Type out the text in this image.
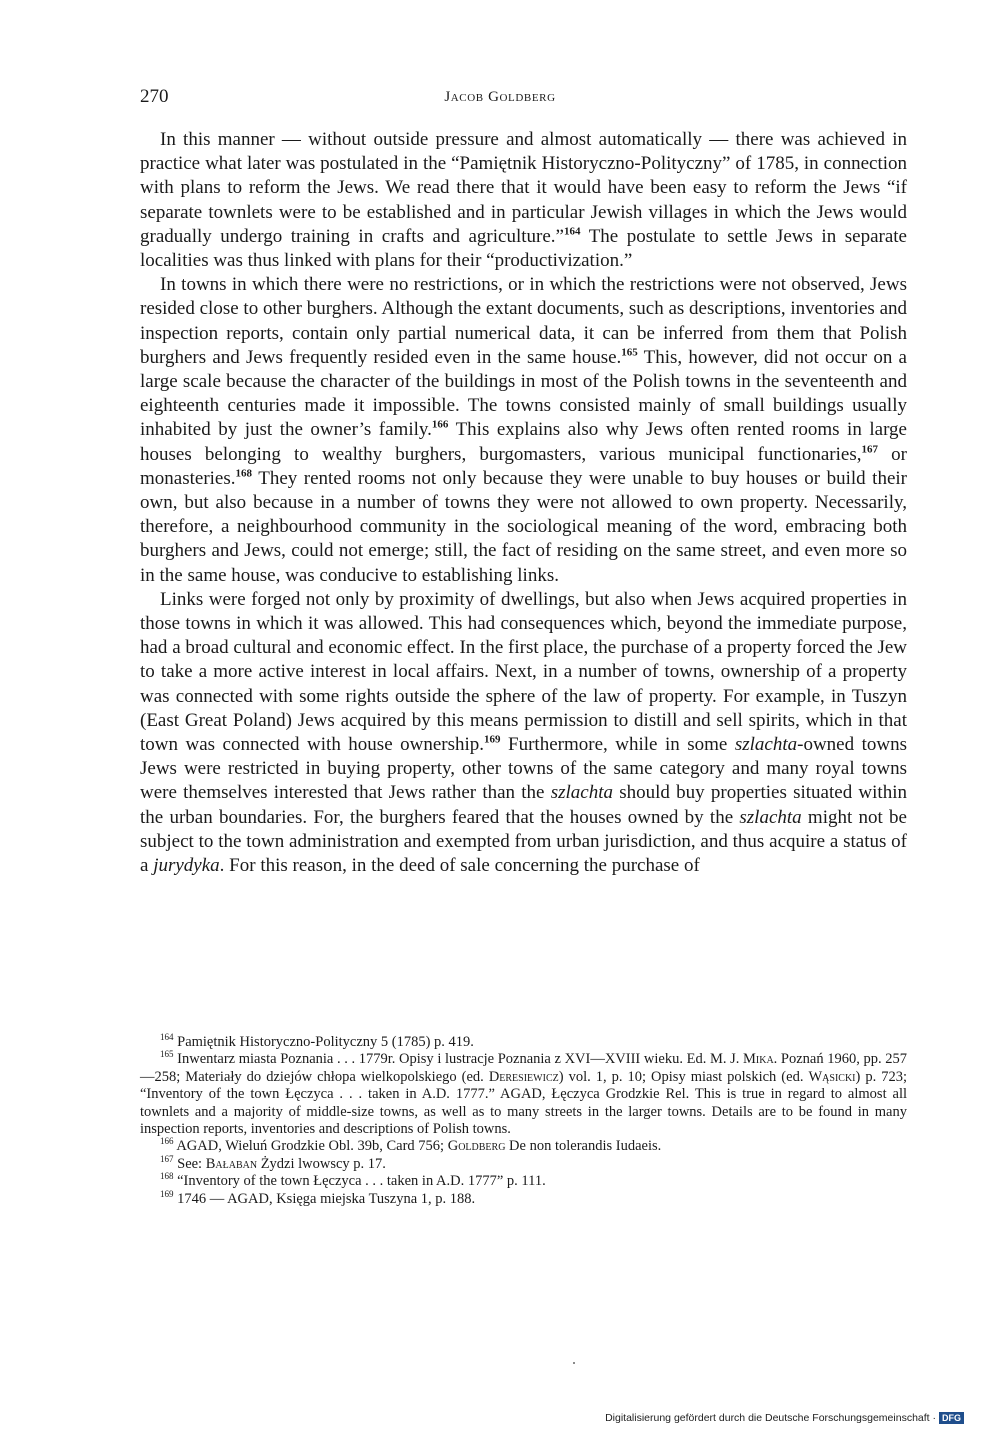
270	Jacob Goldberg

In this manner — without outside pressure and almost automatically — there was achieved in practice what later was postulated in the “Pamiętnik Historyczno-Polityczny” of 1785, in connection with plans to reform the Jews. We read there that it would have been easy to reform the Jews “if separate townlets were to be established and in particular Jewish villages in which the Jews would gradually undergo training in crafts and agriculture.”$^{164}$ The postulate to settle Jews in separate localities was thus linked with plans for their “productivization.”

In towns in which there were no restrictions, or in which the restrictions were not observed, Jews resided close to other burghers. Although the extant documents, such as descriptions, inventories and inspection reports, contain only partial numerical data, it can be inferred from them that Polish burghers and Jews frequently resided even in the same house.$^{165}$ This, however, did not occur on a large scale because the character of the buildings in most of the Polish towns in the seventeenth and eighteenth centuries made it impossible. The towns consisted mainly of small buildings usually inhabited by just the owner’s family.$^{166}$ This explains also why Jews often rented rooms in large houses belonging to wealthy burghers, burgomasters, various municipal functionaries,$^{167}$ or monasteries.$^{168}$ They rented rooms not only because they were unable to buy houses or build their own, but also because in a number of towns they were not allowed to own property. Necessarily, therefore, a neighbourhood community in the sociological meaning of the word, embracing both burghers and Jews, could not emerge; still, the fact of residing on the same street, and even more so in the same house, was conducive to establishing links.

Links were forged not only by proximity of dwellings, but also when Jews acquired properties in those towns in which it was allowed. This had consequences which, beyond the immediate purpose, had a broad cultural and economic effect. In the first place, the purchase of a property forced the Jew to take a more active interest in local affairs. Next, in a number of towns, ownership of a property was connected with some rights outside the sphere of the law of property. For example, in Tuszyn (East Great Poland) Jews acquired by this means permission to distill and sell spirits, which in that town was connected with house ownership.$^{169}$ Furthermore, while in some szlachta-owned towns Jews were restricted in buying property, other towns of the same category and many royal towns were themselves interested that Jews rather than the szlachta should buy properties situated within the urban boundaries. For, the burghers feared that the houses owned by the szlachta might not be subject to the town administration and exempted from urban jurisdiction, and thus acquire a status of a jurydyka. For this reason, in the deed of sale concerning the purchase of

$^{164}$ Pamiętnik Historyczno-Polityczny 5 (1785) p. 419.

$^{165}$ Inwentarz miasta Poznania . . . 1779r. Opisy i lustracje Poznania z XVI—XVIII wieku. Ed. M. J. Mika. Poznań 1960, pp. 257—258; Materiały do dziejów chłopa wielkopolskiego (ed. Deresiewicz) vol. 1, p. 10; Opisy miast polskich (ed. Wąsicki) p. 723; “Inventory of the town Łęczyca . . . taken in A.D. 1777.” AGAD, Łęczyca Grodzkie Rel. This is true in regard to almost all townlets and a majority of middle-size towns, as well as to many streets in the larger towns. Details are to be found in many inspection reports, inventories and descriptions of Polish towns.

$^{166}$ AGAD, Wieluń Grodzkie Obl. 39b, Card 756; Goldberg De non tolerandis Iudaeis.

$^{167}$ See: Bałaban Żydzi lwowscy p. 17.

$^{168}$ “Inventory of the town Łęczyca . . . taken in A.D. 1777” p. 111.

$^{169}$ 1746 — AGAD, Księga miejska Tuszyna 1, p. 188.

Digitalisierung gefördert durch die Deutsche Forschungsgemeinschaft · DFG
